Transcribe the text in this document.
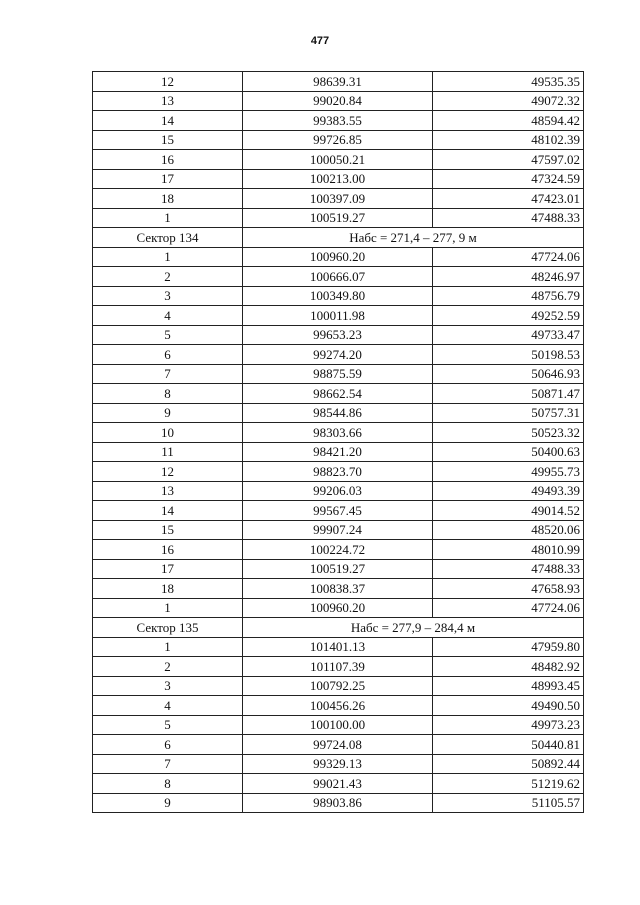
477
12	98639.31	49535.35
13	99020.84	49072.32
14	99383.55	48594.42
15	99726.85	48102.39
16	100050.21	47597.02
17	100213.00	47324.59
18	100397.09	47423.01
1	100519.27	47488.33
Сектор 134	Набс = 271,4 – 277, 9 м	
1	100960.20	47724.06
2	100666.07	48246.97
3	100349.80	48756.79
4	100011.98	49252.59
5	99653.23	49733.47
6	99274.20	50198.53
7	98875.59	50646.93
8	98662.54	50871.47
9	98544.86	50757.31
10	98303.66	50523.32
11	98421.20	50400.63
12	98823.70	49955.73
13	99206.03	49493.39
14	99567.45	49014.52
15	99907.24	48520.06
16	100224.72	48010.99
17	100519.27	47488.33
18	100838.37	47658.93
1	100960.20	47724.06
Сектор 135	Набс = 277,9 – 284,4 м	
1	101401.13	47959.80
2	101107.39	48482.92
3	100792.25	48993.45
4	100456.26	49490.50
5	100100.00	49973.23
6	99724.08	50440.81
7	99329.13	50892.44
8	99021.43	51219.62
9	98903.86	51105.57
